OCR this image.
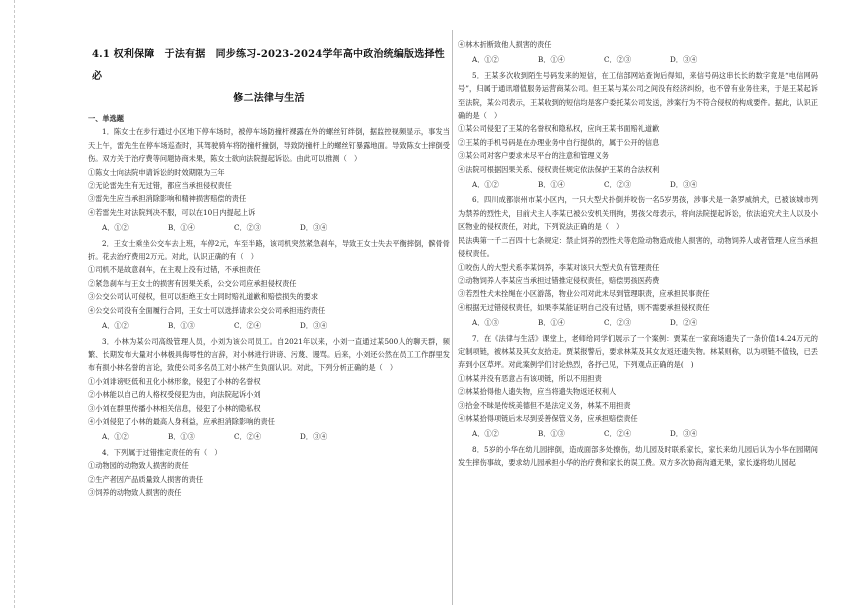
4.1 权利保障　于法有据　同步练习-2023-2024学年高中政治统编版选择性必
修二法律与生活
一、单选题

1．陈女士在步行通过小区地下停车场时，被停车场防撞杆裸露在外的螺丝钉绊倒，据监控视频显示，事发当天上午，雷先生在停车场巡查时，其驾驶骑车将防撞杆撞倒，导致防撞杆上的螺丝钉暴露地面。导致陈女士摔倒受伤。双方关于治疗费等问题协商未果，陈女士欲向法院提起诉讼。由此可以推测（　）

①陈女士向法院申请诉讼的时效期限为三年

②无论雷先生有无过错，都应当承担侵权责任

③雷先生应当承担消除影响和精神损害赔偿的责任

④若雷先生对法院判决不服，可以在10日内提起上诉

A．①②	B．①④	C．②③	D．③④

2．王女士乘坐公交车去上班，车停2元，车至半路，该司机突然紧急刹车，导致王女士失去平衡摔倒，髌骨骨折。花去治疗费用2万元。对此，认识正确的有（　）

①司机不是故意刹车，在主观上没有过错，不承担责任

②紧急刹车与王女士的损害有因果关系，公交公司应承担侵权责任

③公交公司认可侵权，但可以拒绝王女士同时赔礼道歉和赔偿损失的要求

④公交公司没有全面履行合同，王女士可以选择请求公交公司承担违约责任

A．①②	B．①③	C．②④	D．③④

3．小林为某公司高级管理人员，小刘为该公司员工。自2021年以来，小刘一直通过某500人的聊天群，频繁、长期发布大量对小林极具侮辱性的言辞，对小林进行讲谤、污蔑、谩骂。后来，小刘还公然在员工工作群里发布有损小林名誉的言论，致使公司多名员工对小林产生负面认识。对此，下列分析正确的是（　）

①小刘诽谤贬低和丑化小林形象，侵犯了小林的名誉权

②小林能以自己的人格权受侵犯为由，向法院起诉小刘

③小刘在群里传播小林相关信息，侵犯了小林的隐私权

④小刘侵犯了小林的最高人身利益，应承担消除影响的责任

A．①②	B．①③	C．②④	D．③④

4．下列属于过错推定责任的有（　）

①动物园的动物致人损害的责任

②生产者因产品质量致人损害的责任

③饲养的动物致人损害的责任

④林木折断致他人损害的责任

A．①②	B．①④	C．②③	D．③④

5．王某多次收到陌生号码发来的短信，在工信部网站查询后得知，来信号码这串长长的数字竟是“电信网码号”，归属于通讯增值服务运营商某公司。但王某与某公司之间没有经济纠纷，也不曾有业务往来，于是王某起诉至法院，某公司表示，王某收到的短信均是客户委托某公司发送，涉案行为不符合侵权的构成要件。据此，认识正确的是（　）

①某公司侵犯了王某的名誉权和隐私权，应向王某书面赔礼道歉

②王某的手机号码是在办理业务中自行提供的，属于公开的信息

③某公司对客户要求未尽平台的注意和管理义务

④法院可根据因果关系、侵权责任规定依法保护王某的合法权利

A．①②	B．①④	C．②③	D．③④

6．四川成都崇州市某小区内，一只大型犬扑倒并咬伤一名5岁男孩，涉事犬是一条罗威纳犬，已被该城市列为禁养的烈性犬，目前犬主人李某已被公安机关刑拘，男孩父母表示，将向法院提起诉讼，依法追究犬主人以及小区物业的侵权责任，对此，下列说法正确的是（　）

民法典第一千二百四十七条规定：禁止饲养的烈性犬等危险动物造成他人损害的，动物饲养人或者管理人应当承担侵权责任。

①咬伤人的大型犬系李某饲养，李某对该只大型犬负有管理责任

②动物饲养人李某应当承担过错推定侵权责任，赔偿男孩医药费

③若烈性犬未拴绳在小区游荡，物业公司对此未尽到管理职责，应承担民事责任

④根据无过错侵权责任，如果李某能证明自己没有过错，则不需要承担侵权责任

A．①③	B．①④	C．②③	D．②④

7．在《法律与生活》课堂上，老师给同学们展示了一个案例：贾某在一家商场遗失了一条价值14.24万元的定制项链，被林某及其女友拾走。贾某报警后，要求林某及其女友返还遗失物。林某则称，以为项链不值钱，已丢弃到小区草坪。对此案例学们讨论热烈，各抒己见，下列观点正确的是(　)

①林某并没有恶意占有该项链，所以不用担责

②林某拾得他人遗失物，应当将遗失物返还权利人

③拾金不昧是传统美德但不是法定义务，林某不用担责

④林某拾得项链后未尽到妥善保管义务，应承担赔偿责任

A．①②	B．①③	C．②④	D．③④

8．5岁的小华在幼儿园摔倒，造成面部多处擦伤，幼儿园及时联系家长，家长来幼儿园后认为小华在园期间发生摔伤事故，要求幼儿园承担小华的治疗费和家长的误工费。双方多次协商沟通无果，家长遂将幼儿园起
